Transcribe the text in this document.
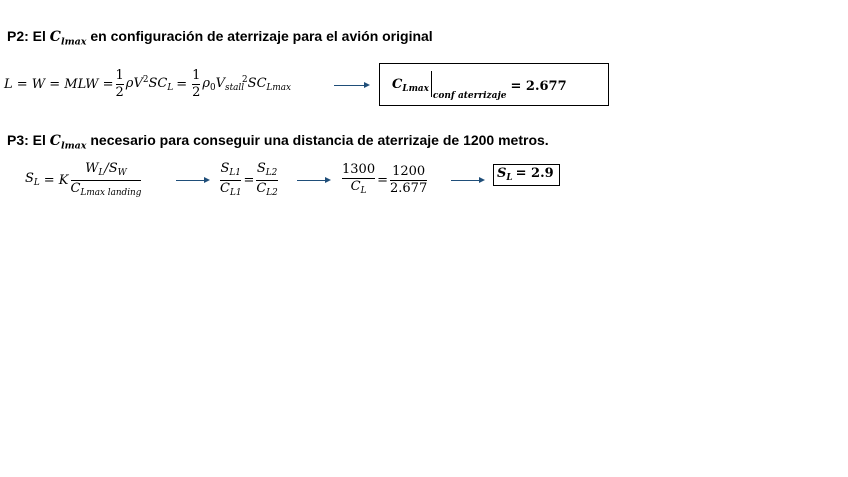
P2: El $C_{lmax}$ en configuración de aterrizaje para el avión original
L = W = MLW = $\frac{1}{2} \rho V^2SC_L = \frac{1}{2} \rho_0V_{stall}^2SC_{Lmax}$	$C_{Lmax}$
conf aterrizaje
= 2.677
P3: El $C_{lmax}$ necesario para conseguir una distancia de aterrizaje de 1200 metros.
$S_L = K \frac{W_L/S_W}{C_{Lmax landing}}$	$\frac{S_{L1}}{C_{L1}} = \frac{S_{L2}}{C_{L2}}$	$\frac{1300}{C_L} = \frac{1200}{2.677}$	$S_L = 2.9$
